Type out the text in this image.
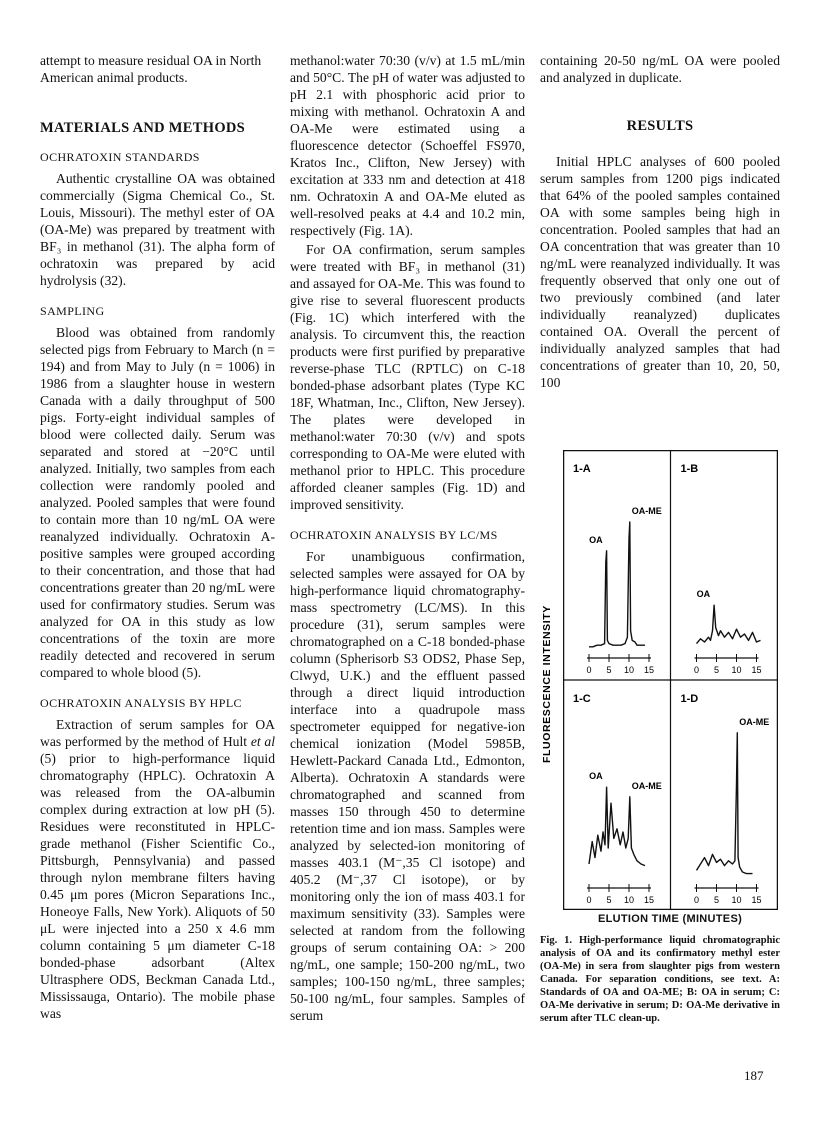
attempt to measure residual OA in North American animal products.

MATERIALS AND METHODS

OCHRATOXIN STANDARDS

Authentic crystalline OA was obtained commercially (Sigma Chemical Co., St. Louis, Missouri). The methyl ester of OA (OA-Me) was prepared by treatment with BF₃ in methanol (31). The alpha form of ochratoxin was prepared by acid hydrolysis (32).

SAMPLING

Blood was obtained from randomly selected pigs from February to March (n = 194) and from May to July (n = 1006) in 1986 from a slaughter house in western Canada with a daily throughput of 500 pigs. Forty-eight individual samples of blood were collected daily. Serum was separated and stored at −20°C until analyzed. Initially, two samples from each collection were randomly pooled and analyzed. Pooled samples that were found to contain more than 10 ng/mL OA were reanalyzed individually. Ochratoxin A-positive samples were grouped according to their concentration, and those that had concentrations greater than 20 ng/mL were used for confirmatory studies. Serum was analyzed for OA in this study as low concentrations of the toxin are more readily detected and recovered in serum compared to whole blood (5).

OCHRATOXIN ANALYSIS BY HPLC

Extraction of serum samples for OA was performed by the method of Hult et al (5) prior to high-performance liquid chromatography (HPLC). Ochratoxin A was released from the OA-albumin complex during extraction at low pH (5). Residues were reconstituted in HPLC-grade methanol (Fisher Scientific Co., Pittsburgh, Pennsylvania) and passed through nylon membrane filters having 0.45 μm pores (Micron Separations Inc., Honeoye Falls, New York). Aliquots of 50 μL were injected into a 250 x 4.6 mm column containing 5 μm diameter C-18 bonded-phase adsorbant (Altex Ultrasphere ODS, Beckman Canada Ltd., Mississauga, Ontario). The mobile phase was

methanol:water 70:30 (v/v) at 1.5 mL/min and 50°C. The pH of water was adjusted to pH 2.1 with phosphoric acid prior to mixing with methanol. Ochratoxin A and OA-Me were estimated using a fluorescence detector (Schoeffel FS970, Kratos Inc., Clifton, New Jersey) with excitation at 333 nm and detection at 418 nm. Ochratoxin A and OA-Me eluted as well-resolved peaks at 4.4 and 10.2 min, respectively (Fig. 1A).

For OA confirmation, serum samples were treated with BF₃ in methanol (31) and assayed for OA-Me. This was found to give rise to several fluorescent products (Fig. 1C) which interfered with the analysis. To circumvent this, the reaction products were first purified by preparative reverse-phase TLC (RPTLC) on C-18 bonded-phase adsorbant plates (Type KC 18F, Whatman, Inc., Clifton, New Jersey). The plates were developed in methanol:water 70:30 (v/v) and spots corresponding to OA-Me were eluted with methanol prior to HPLC. This procedure afforded cleaner samples (Fig. 1D) and improved sensitivity.

OCHRATOXIN ANALYSIS BY LC/MS

For unambiguous confirmation, selected samples were assayed for OA by high-performance liquid chromatography-mass spectrometry (LC/MS). In this procedure (31), serum samples were chromatographed on a C-18 bonded-phase column (Spherisorb S3 ODS2, Phase Sep, Clwyd, U.K.) and the effluent passed through a direct liquid introduction interface into a quadrupole mass spectrometer equipped for negative-ion chemical ionization (Model 5985B, Hewlett-Packard Canada Ltd., Edmonton, Alberta). Ochratoxin A standards were chromatographed and scanned from masses 150 through 450 to determine retention time and ion mass. Samples were analyzed by selected-ion monitoring of masses 403.1 (M⁻,35 Cl isotope) and 405.2 (M⁻,37 Cl isotope), or by monitoring only the ion of mass 403.1 for maximum sensitivity (33). Samples were selected at random from the following groups of serum containing OA: > 200 ng/mL, one sample; 150-200 ng/mL, two samples; 100-150 ng/mL, three samples; 50-100 ng/mL, four samples. Samples of serum

containing 20-50 ng/mL OA were pooled and analyzed in duplicate.

RESULTS

Initial HPLC analyses of 600 pooled serum samples from 1200 pigs indicated that 64% of the pooled samples contained OA with some samples being high in concentration. Pooled samples that had an OA concentration that was greater than 10 ng/mL were reanalyzed individually. It was frequently observed that only one out of two previously combined (and later individually reanalyzed) duplicates contained OA. Overall the percent of individually analyzed samples that had concentrations of greater than 10, 20, 50, 100

FLUORESCENCE INTENSITY
1-A
0 5 10 15
OA
OA-ME
1-B
0 5 10 15
OA
1-C
0 5 10 15
OA
OA-ME
1-D
0 5 10 15
OA-ME
ELUTION TIME (MINUTES)
Fig. 1. High-performance liquid chromatographic analysis of OA and its confirmatory methyl ester (OA-Me) in sera from slaughter pigs from western Canada. For separation conditions, see text. A: Standards of OA and OA-ME; B: OA in serum; C: OA-Me derivative in serum; D: OA-Me derivative in serum after TLC clean-up.
187
